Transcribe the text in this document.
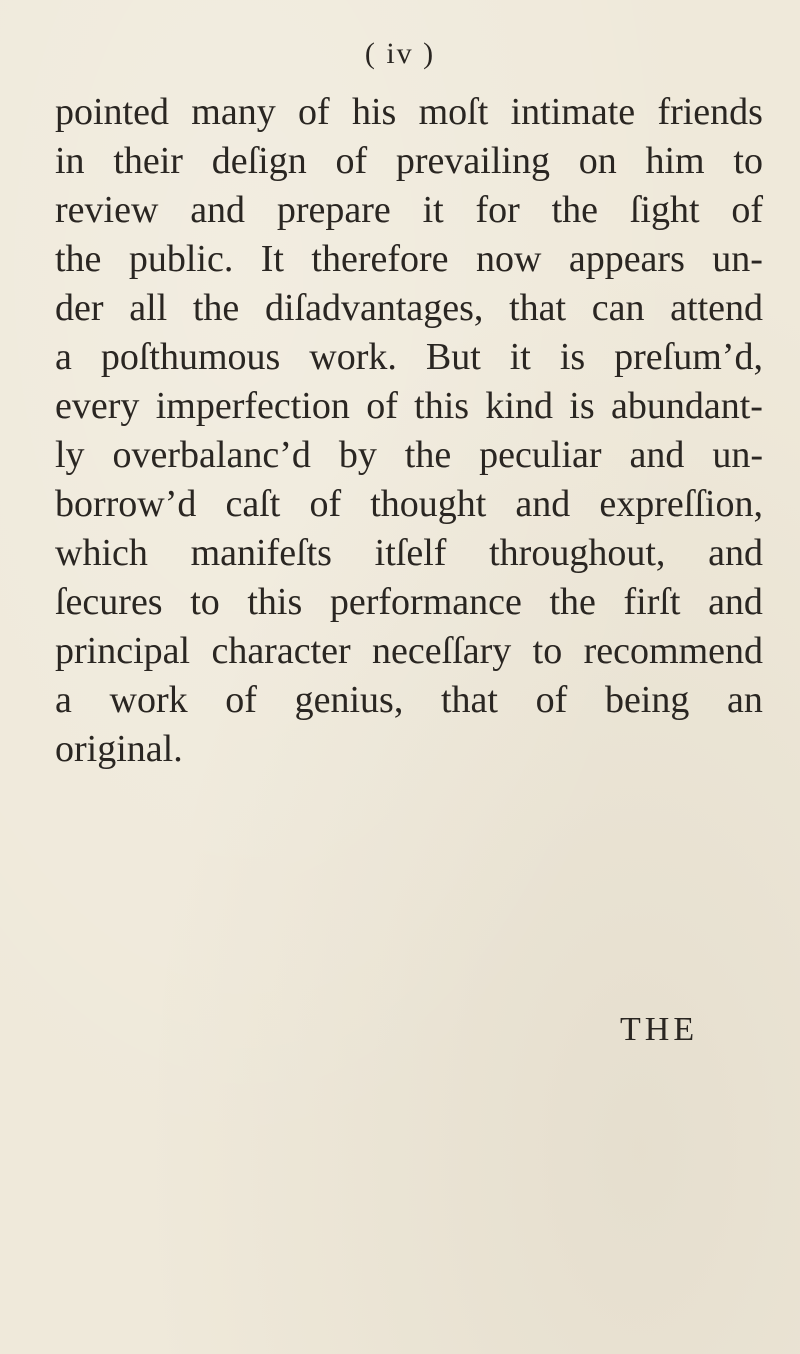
( iv )
pointed many of his moſt intimate friends
in their deſign of prevailing on him to
review and prepare it for the ſight of
the public. It therefore now appears un-
der all the diſadvantages, that can attend
a poſthumous work. But it is preſum’d,
every imperfection of this kind is abundant-
ly overbalanc’d by the peculiar and un-
borrow’d caſt of thought and expreſſion,
which manifeſts itſelf throughout, and
ſecures to this performance the firſt and
principal character neceſſary to recommend
a work of genius, that of being an
original.
THE
